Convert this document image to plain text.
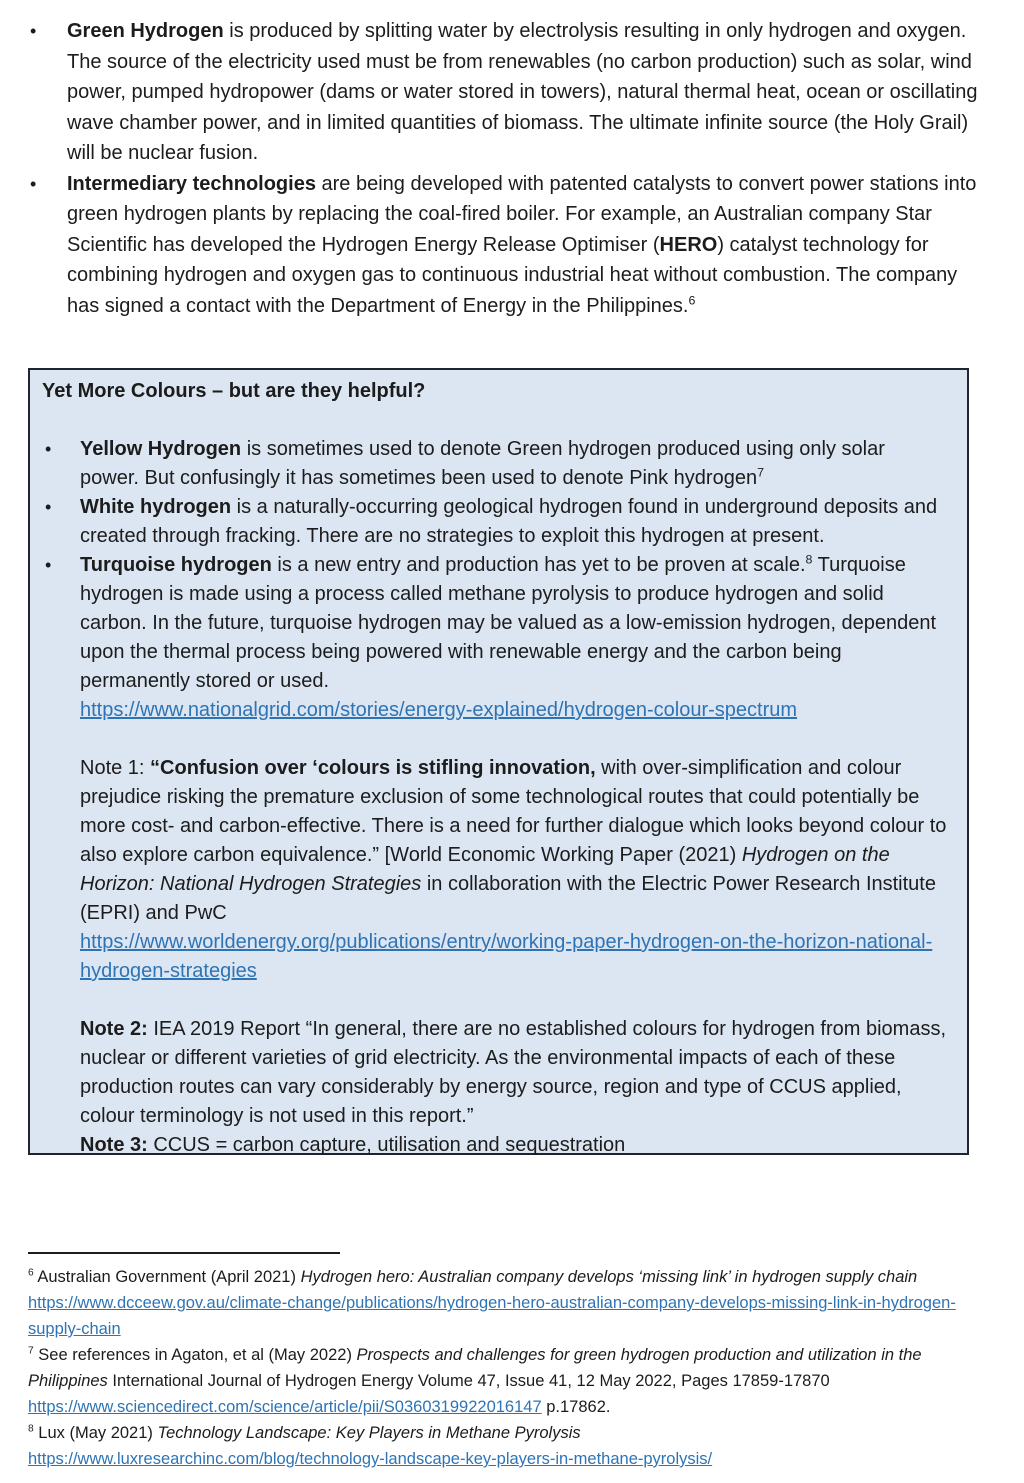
•	Green Hydrogen is produced by splitting water by electrolysis resulting in only hydrogen and oxygen. The source of the electricity used must be from renewables (no carbon production) such as solar, wind power, pumped hydropower (dams or water stored in towers), natural thermal heat, ocean or oscillating wave chamber power, and in limited quantities of biomass. The ultimate infinite source (the Holy Grail) will be nuclear fusion.
•	Intermediary technologies are being developed with patented catalysts to convert power stations into green hydrogen plants by replacing the coal-fired boiler. For example, an Australian company Star Scientific has developed the Hydrogen Energy Release Optimiser (HERO) catalyst technology for combining hydrogen and oxygen gas to continuous industrial heat without combustion. The company has signed a contact with the Department of Energy in the Philippines.$^6$

Yet More Colours – but are they helpful?

•	Yellow Hydrogen is sometimes used to denote Green hydrogen produced using only solar power. But confusingly it has sometimes been used to denote Pink hydrogen$^7$
•	White hydrogen is a naturally-occurring geological hydrogen found in underground deposits and created through fracking. There are no strategies to exploit this hydrogen at present.
•	Turquoise hydrogen is a new entry and production has yet to be proven at scale.$^8$ Turquoise hydrogen is made using a process called methane pyrolysis to produce hydrogen and solid carbon. In the future, turquoise hydrogen may be valued as a low-emission hydrogen, dependent upon the thermal process being powered with renewable energy and the carbon being permanently stored or used.
https://www.nationalgrid.com/stories/energy-explained/hydrogen-colour-spectrum
Note 1: “Confusion over ‘colours is stifling innovation, with over-simplification and colour prejudice risking the premature exclusion of some technological routes that could potentially be more cost- and carbon-effective. There is a need for further dialogue which looks beyond colour to also explore carbon equivalence.” [World Economic Working Paper (2021) Hydrogen on the Horizon: National Hydrogen Strategies in collaboration with the Electric Power Research Institute (EPRI) and PwC
https://www.worldenergy.org/publications/entry/working-paper-hydrogen-on-the-horizon-national-hydrogen-strategies
Note 2: IEA 2019 Report “In general, there are no established colours for hydrogen from biomass, nuclear or different varieties of grid electricity. As the environmental impacts of each of these production routes can vary considerably by energy source, region and type of CCUS applied, colour terminology is not used in this report.”
Note 3: CCUS = carbon capture, utilisation and sequestration
$^6$ Australian Government (April 2021) Hydrogen hero: Australian company develops ‘missing link’ in hydrogen supply chain https://www.dcceew.gov.au/climate-change/publications/hydrogen-hero-australian-company-develops-missing-link-in-hydrogen-supply-chain
$^7$ See references in Agaton, et al (May 2022) Prospects and challenges for green hydrogen production and utilization in the Philippines International Journal of Hydrogen Energy Volume 47, Issue 41, 12 May 2022, Pages 17859-17870 https://www.sciencedirect.com/science/article/pii/S0360319922016147 p.17862.
$^8$ Lux (May 2021) Technology Landscape: Key Players in Methane Pyrolysis
https://www.luxresearchinc.com/blog/technology-landscape-key-players-in-methane-pyrolysis/
